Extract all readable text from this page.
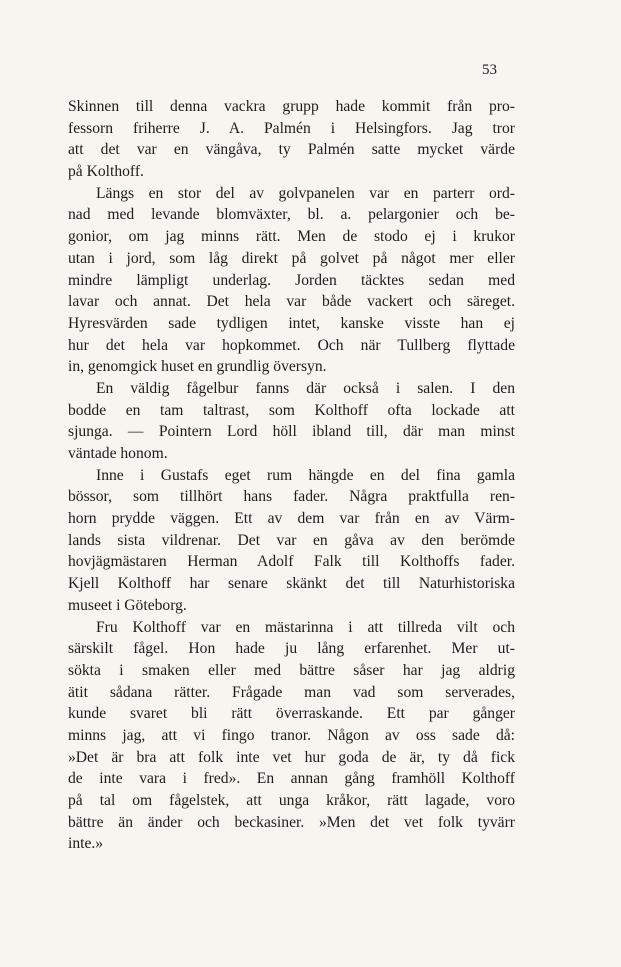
53
Skinnen till denna vackra grupp hade kommit från pro-
fessorn friherre J. A. Palmén i Helsingfors. Jag tror
att det var en vängåva, ty Palmén satte mycket värde
på Kolthoff.
Längs en stor del av golvpanelen var en parterr ord-
nad med levande blomväxter, bl. a. pelargonier och be-
gonior, om jag minns rätt. Men de stodo ej i krukor
utan i jord, som låg direkt på golvet på något mer eller
mindre lämpligt underlag. Jorden täcktes sedan med
lavar och annat. Det hela var både vackert och säreget.
Hyresvärden sade tydligen intet, kanske visste han ej
hur det hela var hopkommet. Och när Tullberg flyttade
in, genomgick huset en grundlig översyn.
En väldig fågelbur fanns där också i salen. I den
bodde en tam taltrast, som Kolthoff ofta lockade att
sjunga. — Pointern Lord höll ibland till, där man minst
väntade honom.
Inne i Gustafs eget rum hängde en del fina gamla
bössor, som tillhört hans fader. Några praktfulla ren-
horn prydde väggen. Ett av dem var från en av Värm-
lands sista vildrenar. Det var en gåva av den berömde
hovjägmästaren Herman Adolf Falk till Kolthoffs fader.
Kjell Kolthoff har senare skänkt det till Naturhistoriska
museet i Göteborg.
Fru Kolthoff var en mästarinna i att tillreda vilt och
särskilt fågel. Hon hade ju lång erfarenhet. Mer ut-
sökta i smaken eller med bättre såser har jag aldrig
ätit sådana rätter. Frågade man vad som serverades,
kunde svaret bli rätt överraskande. Ett par gånger
minns jag, att vi fingo tranor. Någon av oss sade då:
»Det är bra att folk inte vet hur goda de är, ty då fick
de inte vara i fred». En annan gång framhöll Kolthoff
på tal om fågelstek, att unga kråkor, rätt lagade, voro
bättre än änder och beckasiner. »Men det vet folk tyvärr
inte.»
